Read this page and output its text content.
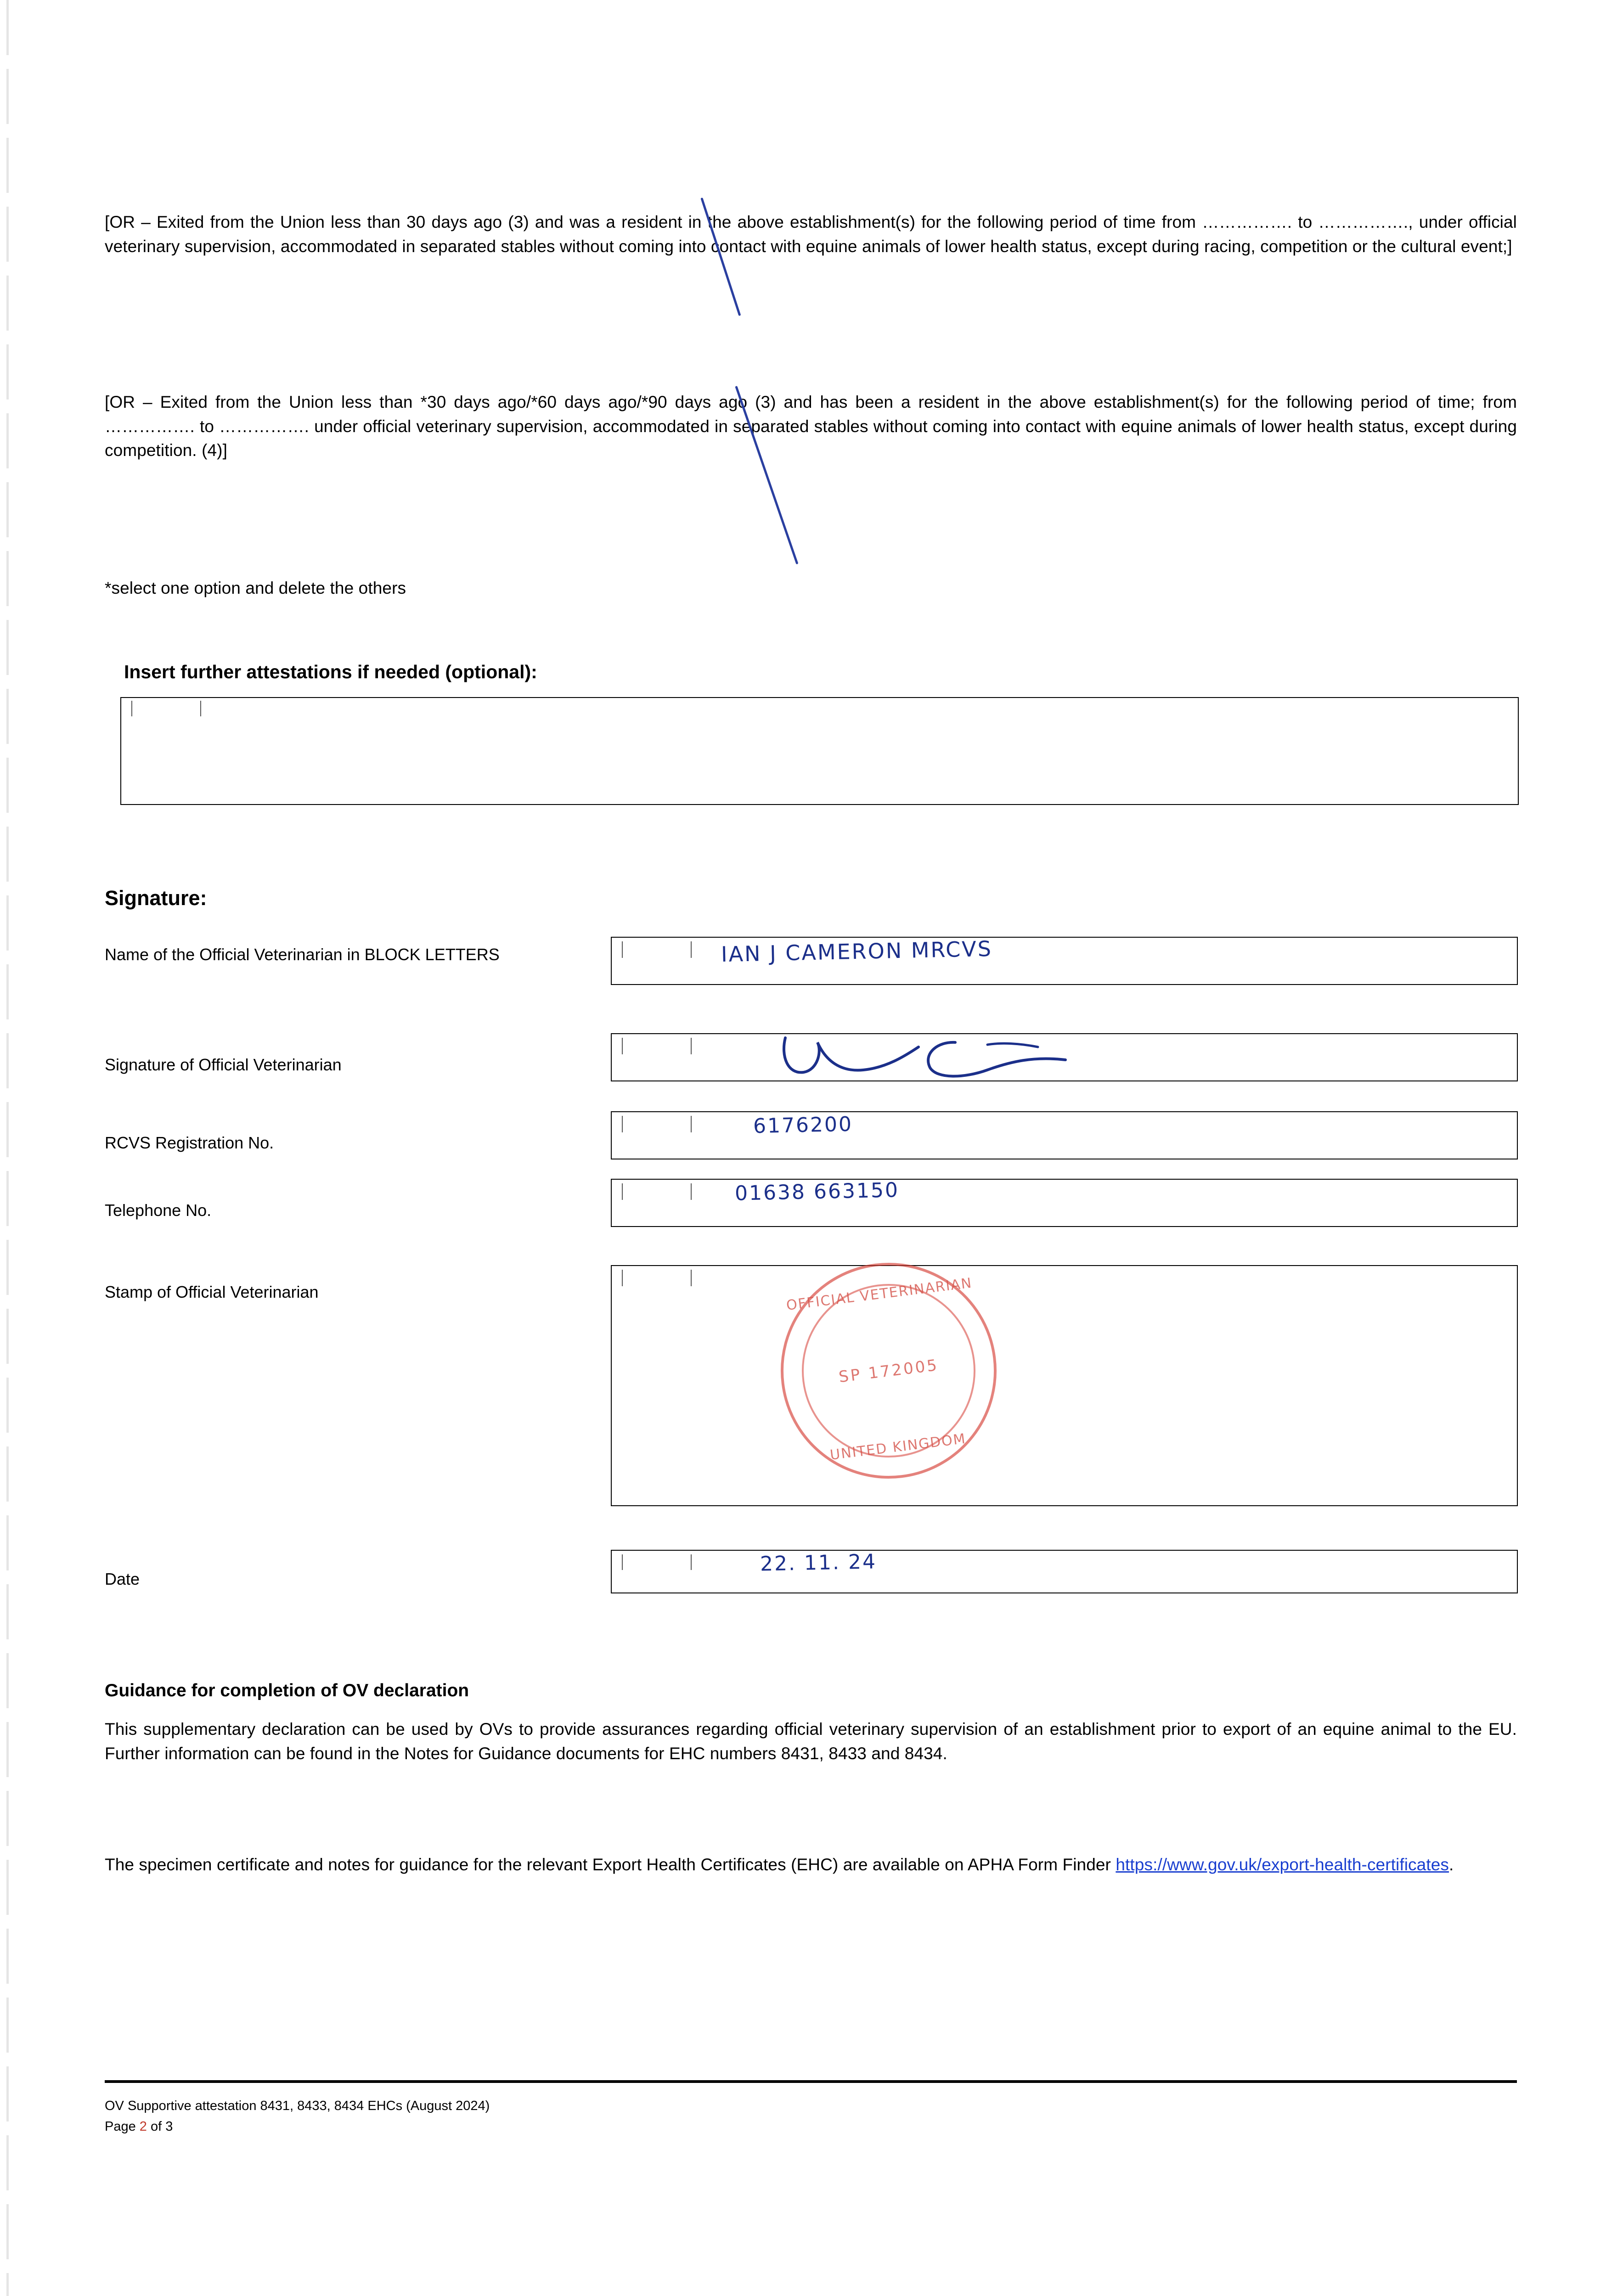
[OR – Exited from the Union less than 30 days ago (3) and was a resident in the above establishment(s) for the following period of time from ……………. to ……………., under official veterinary supervision, accommodated in separated stables without coming into contact with equine animals of lower health status, except during racing, competition or the cultural event;]

[OR – Exited from the Union less than *30 days ago/*60 days ago/*90 days ago (3) and has been a resident in the above establishment(s) for the following period of time; from ……………. to ……………. under official veterinary supervision, accommodated in separated stables without coming into contact with equine animals of lower health status, except during competition. (4)]

*select one option and delete the others

Insert further attestations if needed (optional):
Signature:
Name of the Official Veterinarian in BLOCK LETTERS	IAN J CAMERON MRCVS
Signature of Official Veterinarian
RCVS Registration No.
6176200
Telephone No.
01638 663150
Stamp of Official Veterinarian	OFFICIAL VETERINARIAN
SP 172005
UNITED KINGDOM
Date
22. 11. 24
Guidance for completion of OV declaration

This supplementary declaration can be used by OVs to provide assurances regarding official veterinary supervision of an establishment prior to export of an equine animal to the EU. Further information can be found in the Notes for Guidance documents for EHC numbers 8431, 8433 and 8434.

The specimen certificate and notes for guidance for the relevant Export Health Certificates (EHC) are available on APHA Form Finder https://www.gov.uk/export-health-certificates.

OV Supportive attestation 8431, 8433, 8434 EHCs (August 2024)
Page 2 of 3
